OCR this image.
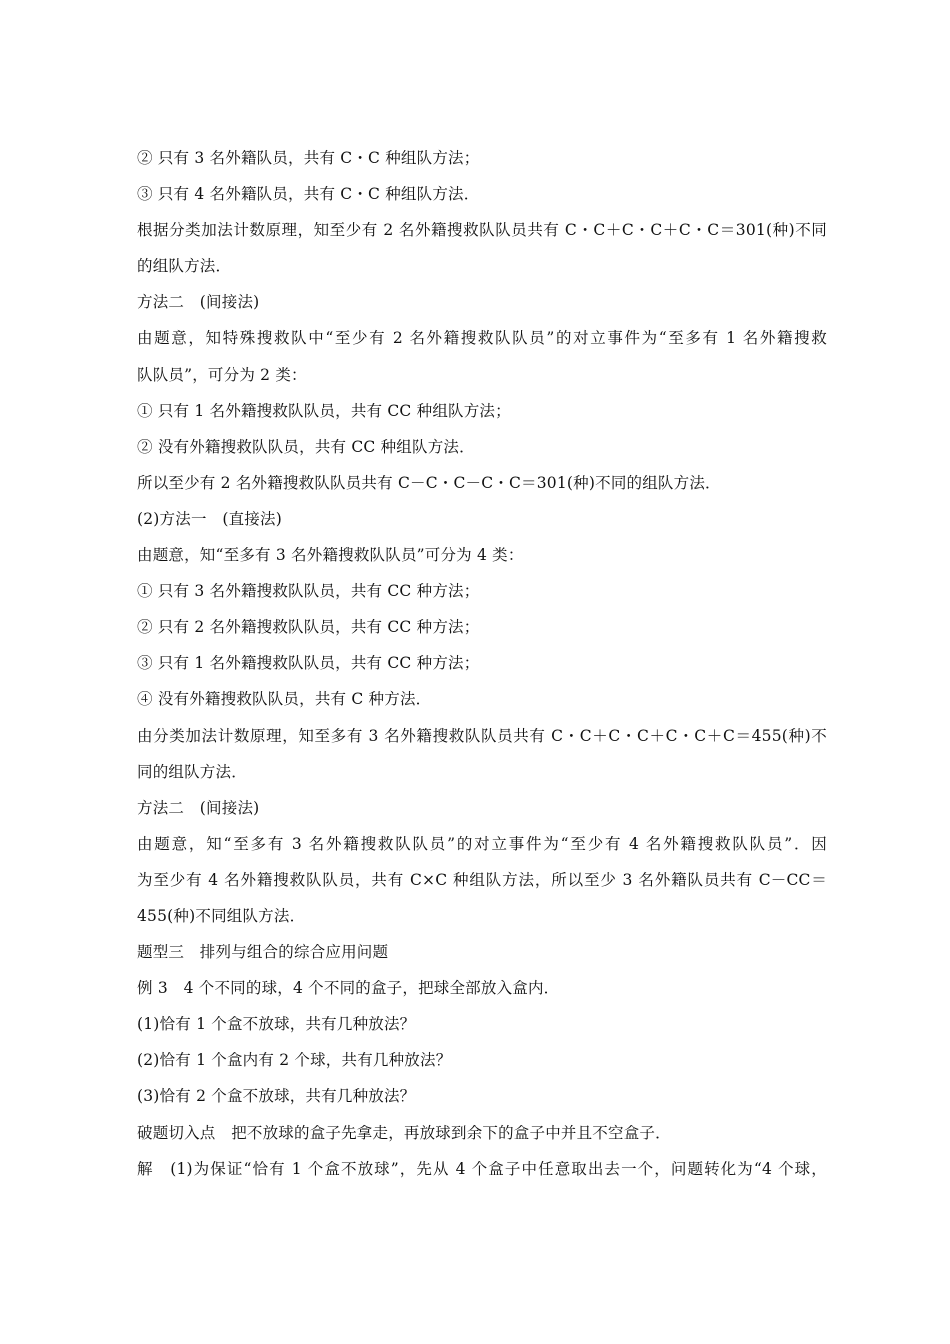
② 只有 3 名外籍队员，共有 C・C 种组队方法；
③ 只有 4 名外籍队员，共有 C・C 种组队方法．
根据分类加法计数原理，知至少有 2 名外籍搜救队队员共有 C・C＋C・C＋C・C＝301(种)不同
的组队方法．
方法二　(间接法)
由题意，知特殊搜救队中“至少有 2 名外籍搜救队队员”的对立事件为“至多有 1 名外籍搜救
队队员”，可分为 2 类：
① 只有 1 名外籍搜救队队员，共有 CC 种组队方法；
② 没有外籍搜救队队员，共有 CC 种组队方法．
所以至少有 2 名外籍搜救队队员共有 C－C・C－C・C＝301(种)不同的组队方法．
(2)方法一　(直接法)
由题意，知“至多有 3 名外籍搜救队队员”可分为 4 类：
① 只有 3 名外籍搜救队队员，共有 CC 种方法；
② 只有 2 名外籍搜救队队员，共有 CC 种方法；
③ 只有 1 名外籍搜救队队员，共有 CC 种方法；
④ 没有外籍搜救队队员，共有 C 种方法．
由分类加法计数原理，知至多有 3 名外籍搜救队队员共有 C・C＋C・C＋C・C＋C＝455(种)不
同的组队方法．
方法二　(间接法)
由题意，知“至多有 3 名外籍搜救队队员”的对立事件为“至少有 4 名外籍搜救队队员”．因
为至少有 4 名外籍搜救队队员，共有 C×C 种组队方法，所以至少 3 名外籍队员共有 C－CC＝
455(种)不同组队方法．
题型三　排列与组合的综合应用问题
例 3　4 个不同的球，4 个不同的盒子，把球全部放入盒内．
(1)恰有 1 个盒不放球，共有几种放法？
(2)恰有 1 个盒内有 2 个球，共有几种放法？
(3)恰有 2 个盒不放球，共有几种放法？
破题切入点　把不放球的盒子先拿走，再放球到余下的盒子中并且不空盒子．
解　(1)为保证“恰有 1 个盒不放球”，先从 4 个盒子中任意取出去一个，问题转化为“4 个球，
